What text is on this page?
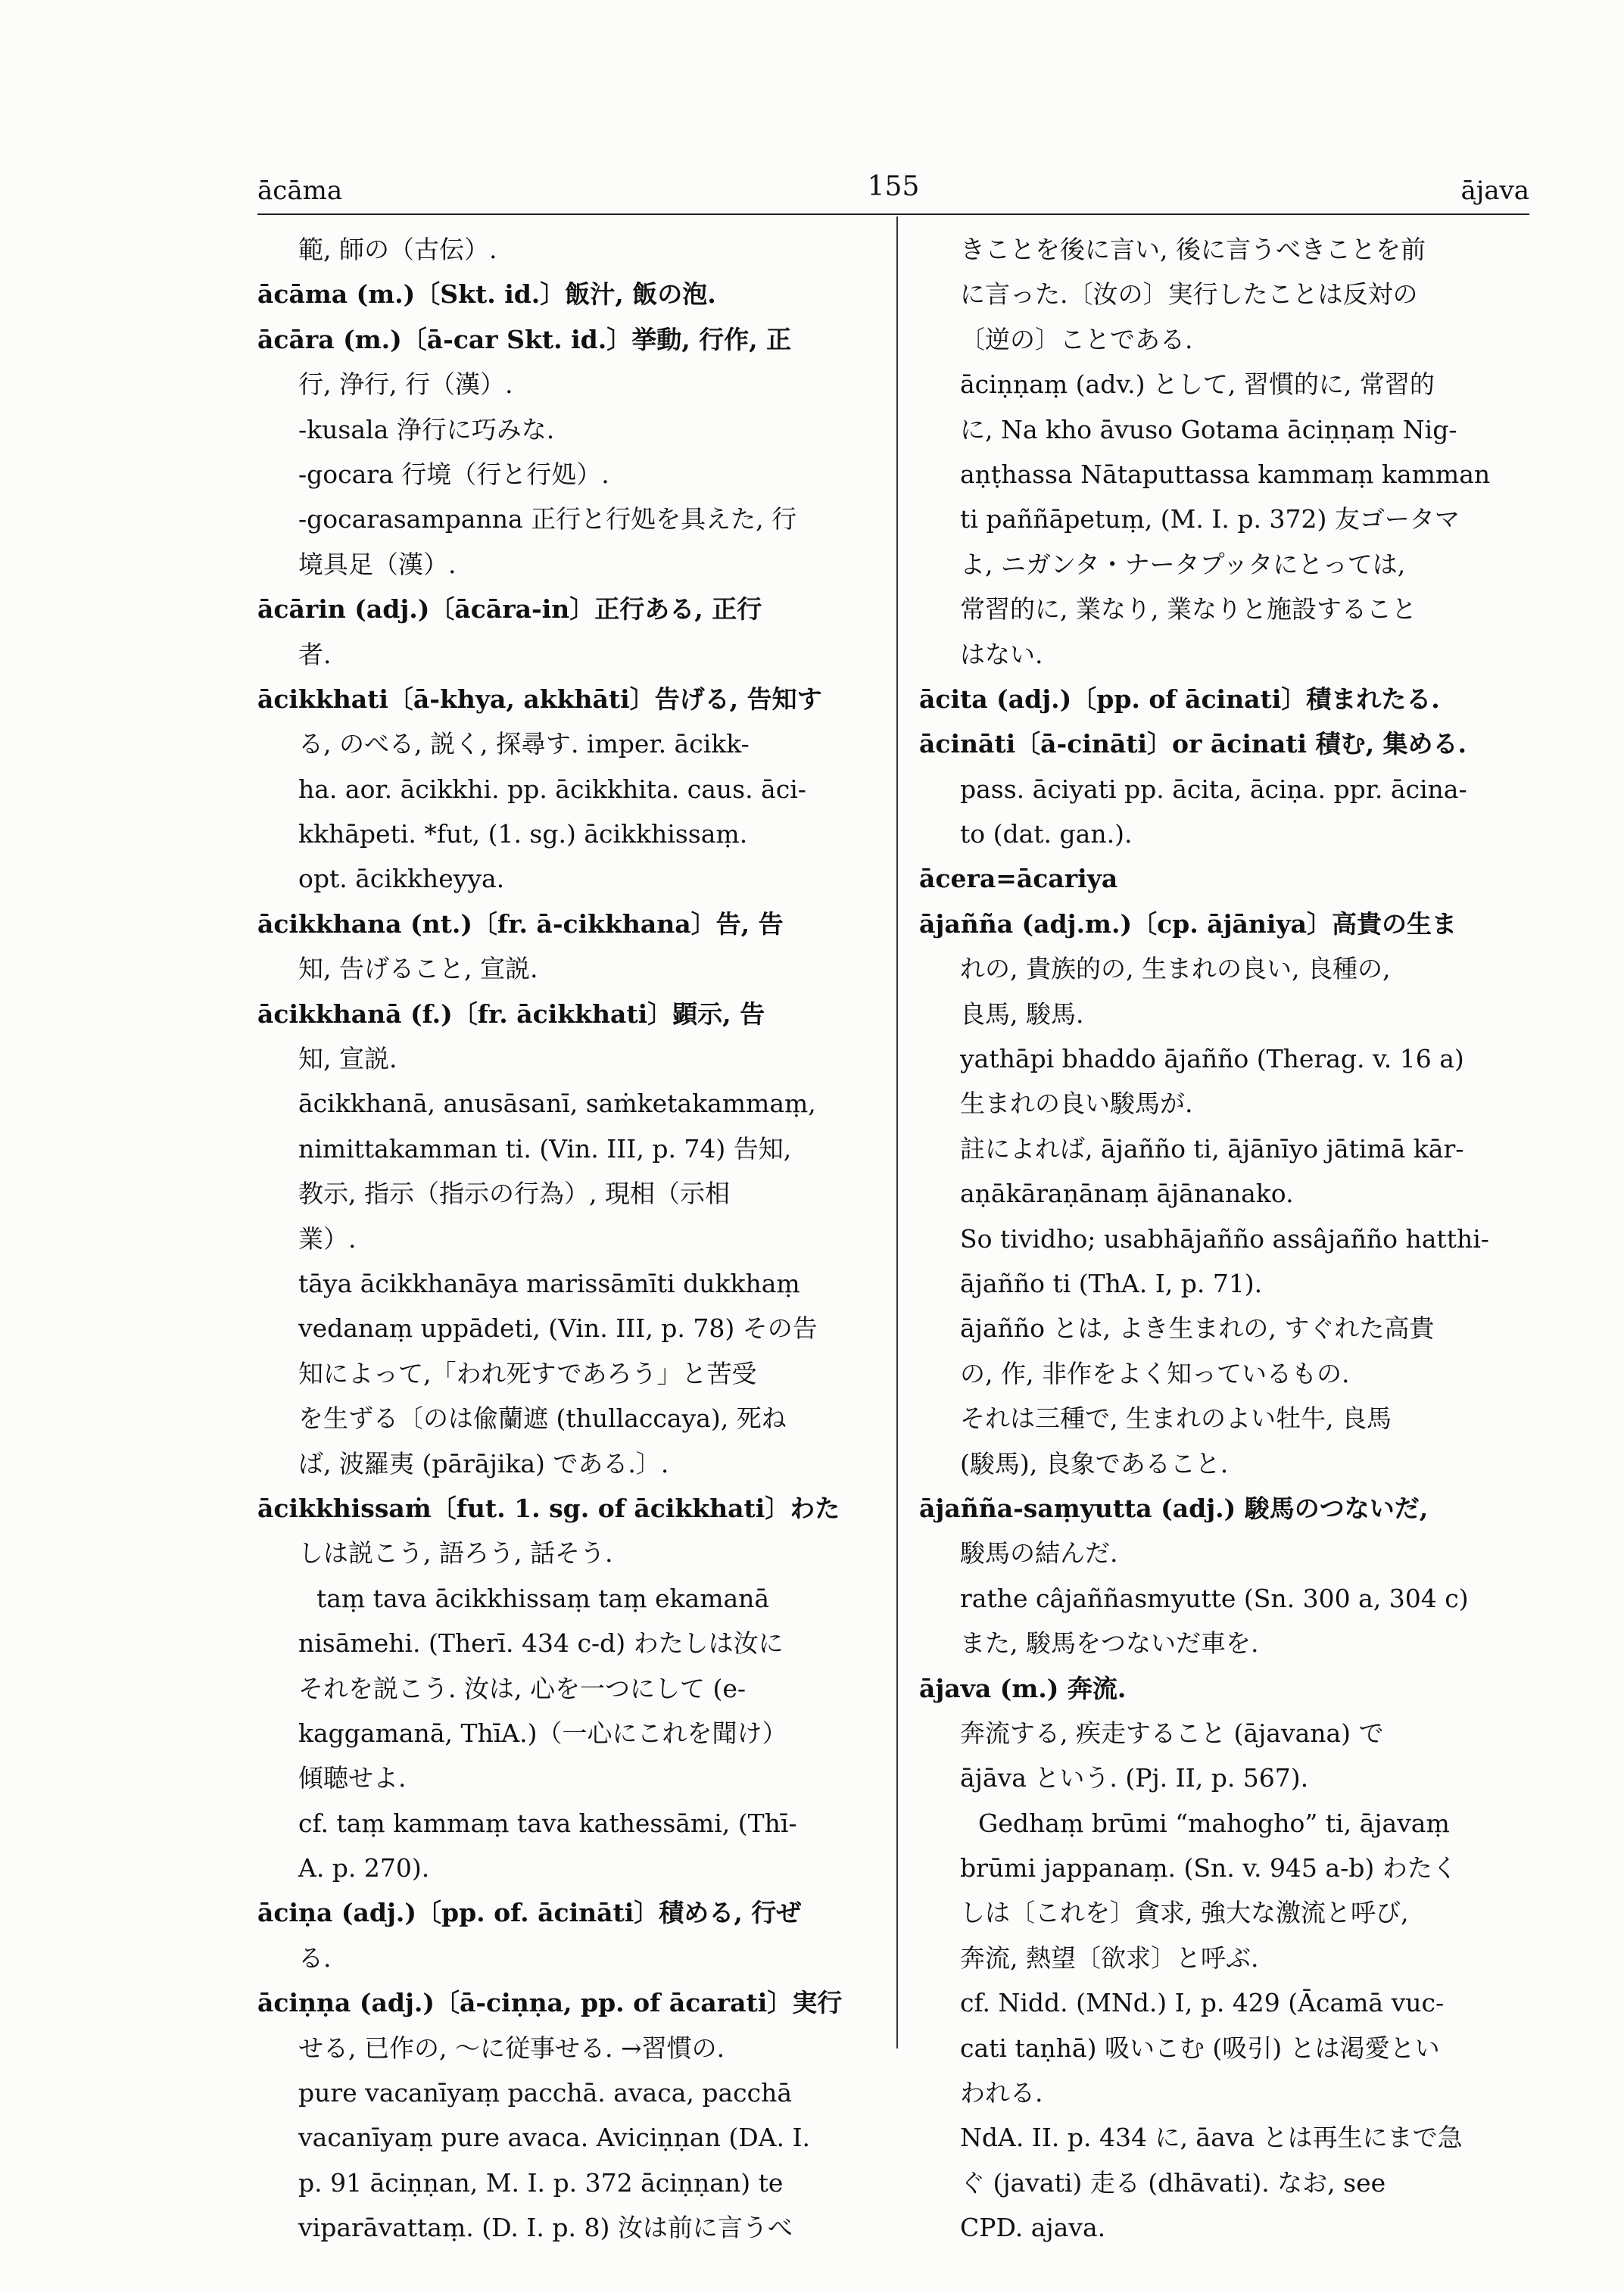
ācāma	155	ājava
範, 師の（古伝）.
ācāma (m.)〔Skt. id.〕飯汁, 飯の泡.
ācāra (m.)〔ā-car Skt. id.〕挙動, 行作, 正
行, 浄行, 行（漢）.
-kusala 浄行に巧みな.
-gocara 行境（行と行処）.
-gocarasampanna 正行と行処を具えた, 行
境具足（漢）.
ācārin (adj.)〔ācāra-in〕正行ある, 正行
者.
ācikkhati〔ā-khya, akkhāti〕告げる, 告知す
る, のべる, 説く, 探尋す. imper. ācikk-
ha. aor. ācikkhi. pp. ācikkhita. caus. āci-
kkhāpeti. *fut, (1. sg.) ācikkhissaṃ.
opt. ācikkheyya.
ācikkhana (nt.)〔fr. ā-cikkhana〕告, 告
知, 告げること, 宣説.
ācikkhanā (f.)〔fr. ācikkhati〕顕示, 告
知, 宣説.
ācikkhanā, anusāsanī, saṁketakammaṃ,
nimittakamman ti. (Vin. III, p. 74) 告知,
教示, 指示（指示の行為）, 現相（示相
業）.
tāya ācikkhanāya marissāmīti dukkhaṃ
vedanaṃ uppādeti, (Vin. III, p. 78) その告
知によって,「われ死すであろう」と苦受
を生ずる〔のは偸蘭遮 (thullaccaya), 死ね
ば, 波羅夷 (pārājika) である.〕.
ācikkhissaṁ〔fut. 1. sg. of ācikkhati〕わた
しは説こう, 語ろう, 話そう.
taṃ tava ācikkhissaṃ taṃ ekamanā
nisāmehi. (Therī. 434 c-d) わたしは汝に
それを説こう. 汝は, 心を一つにして (e-
kaggamanā, ThīA.)（一心にこれを聞け）
傾聴せよ.
cf. taṃ kammaṃ tava kathessāmi, (Thī-
A. p. 270).
āciṇa (adj.)〔pp. of. ācināti〕積める, 行ぜ
る.
āciṇṇa (adj.)〔ā-ciṇṇa, pp. of ācarati〕実行
せる, 已作の, ～に従事せる. →習慣の.
pure vacanīyaṃ pacchā. avaca, pacchā
vacanīyaṃ pure avaca. Aviciṇṇan (DA. I.
p. 91 āciṇṇan, M. I. p. 372 āciṇṇan) te
viparāvattaṃ. (D. I. p. 8) 汝は前に言うべ
きことを後に言い, 後に言うべきことを前
に言った.〔汝の〕実行したことは反対の
〔逆の〕ことである.
āciṇṇaṃ (adv.) として, 習慣的に, 常習的
に, Na kho āvuso Gotama āciṇṇaṃ Nig-
aṇṭhassa Nātaputtassa kammaṃ kamman
ti paññāpetuṃ, (M. I. p. 372) 友ゴータマ
よ, ニガンタ・ナータプッタにとっては,
常習的に, 業なり, 業なりと施設すること
はない.
ācita (adj.)〔pp. of ācinati〕積まれたる.
ācināti〔ā-cināti〕or ācinati 積む, 集める.
pass. āciyati pp. ācita, āciṇa. ppr. ācina-
to (dat. gan.).
ācera=ācariya
ājañña (adj.m.)〔cp. ājāniya〕高貴の生ま
れの, 貴族的の, 生まれの良い, 良種の,
良馬, 駿馬.
yathāpi bhaddo ājañño (Therag. v. 16 a)
生まれの良い駿馬が.
註によれば, ājañño ti, ājānīyo jātimā kār-
aṇākāraṇānaṃ ājānanako.
So tividho; usabhājañño assâjañño hatthi-
ājañño ti (ThA. I, p. 71).
ājañño とは, よき生まれの, すぐれた高貴
の, 作, 非作をよく知っているもの.
それは三種で, 生まれのよい牡牛, 良馬
(駿馬), 良象であること.
ājañña-saṃyutta (adj.) 駿馬のつないだ,
駿馬の結んだ.
rathe câjaññasmyutte (Sn. 300 a, 304 c)
また, 駿馬をつないだ車を.
ājava (m.) 奔流.
奔流する, 疾走すること (ājavana) で
ājāva という. (Pj. II, p. 567).
Gedhaṃ brūmi “mahogho” ti, ājavaṃ
brūmi jappanaṃ. (Sn. v. 945 a-b) わたく
しは〔これを〕貪求, 強大な激流と呼び,
奔流, 熱望〔欲求〕と呼ぶ.
cf. Nidd. (MNd.) I, p. 429 (Ācamā vuc-
cati taṇhā) 吸いこむ (吸引) とは渇愛とい
われる.
NdA. II. p. 434 に, āava とは再生にまで急
ぐ (javati) 走る (dhāvati). なお, see
CPD. ajava.
